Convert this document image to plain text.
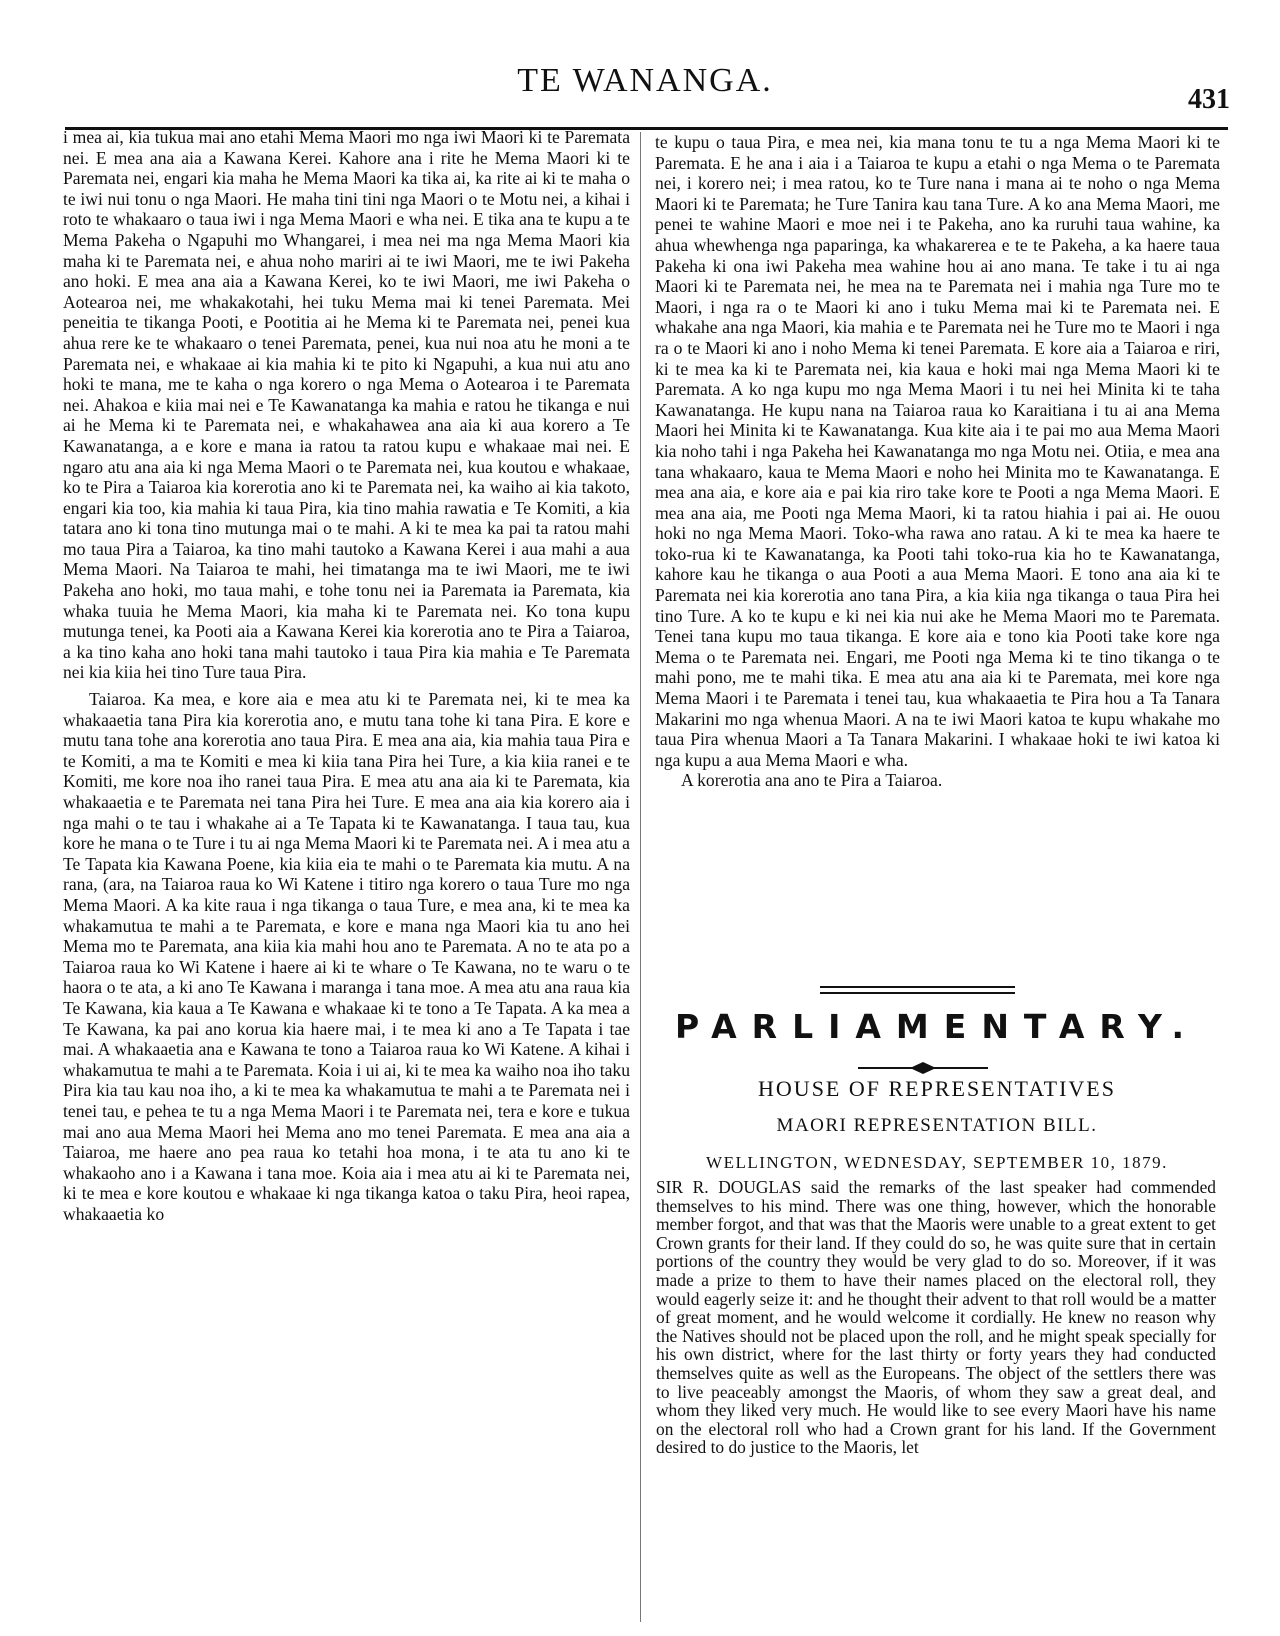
TE WANANGA.
431

i mea ai, kia tukua mai ano etahi Mema Maori mo nga iwi Maori ki te Paremata nei. E mea ana aia a Kawana Kerei. Kahore ana i rite he Mema Maori ki te Paremata nei, engari kia maha he Mema Maori ka tika ai, ka rite ai ki te maha o te iwi nui tonu o nga Maori. He maha tini tini nga Maori o te Motu nei, a kihai i roto te whakaaro o taua iwi i nga Mema Maori e wha nei. E tika ana te kupu a te Mema Pakeha o Ngapuhi mo Whangarei, i mea nei ma nga Mema Maori kia maha ki te Paremata nei, e ahua noho mariri ai te iwi Maori, me te iwi Pakeha ano hoki. E mea ana aia a Kawana Kerei, ko te iwi Maori, me iwi Pakeha o Aotearoa nei, me whakakotahi, hei tuku Mema mai ki tenei Paremata. Mei peneitia te tikanga Pooti, e Pootitia ai he Mema ki te Paremata nei, penei kua ahua rere ke te whakaaro o tenei Paremata, penei, kua nui noa atu he moni a te Paremata nei, e whakaae ai kia mahia ki te pito ki Ngapuhi, a kua nui atu ano hoki te mana, me te kaha o nga korero o nga Mema o Aotearoa i te Paremata nei. Ahakoa e kiia mai nei e Te Kawanatanga ka mahia e ratou he tikanga e nui ai he Mema ki te Paremata nei, e whakahawea ana aia ki aua korero a Te Kawanatanga, a e kore e mana ia ratou ta ratou kupu e whakaae mai nei. E ngaro atu ana aia ki nga Mema Maori o te Paremata nei, kua koutou e whakaae, ko te Pira a Taiaroa kia korerotia ano ki te Paremata nei, ka waiho ai kia takoto, engari kia too, kia mahia ki taua Pira, kia tino mahia rawatia e Te Komiti, a kia tatara ano ki tona tino mutunga mai o te mahi. A ki te mea ka pai ta ratou mahi mo taua Pira a Taiaroa, ka tino mahi tautoko a Kawana Kerei i aua mahi a aua Mema Maori. Na Taiaroa te mahi, hei timatanga ma te iwi Maori, me te iwi Pakeha ano hoki, mo taua mahi, e tohe tonu nei ia Paremata ia Paremata, kia whaka tuuia he Mema Maori, kia maha ki te Paremata nei. Ko tona kupu mutunga tenei, ka Pooti aia a Kawana Kerei kia korerotia ano te Pira a Taiaroa, a ka tino kaha ano hoki tana mahi tautoko i taua Pira kia mahia e Te Paremata nei kia kiia hei tino Ture taua Pira.

Taiaroa. Ka mea, e kore aia e mea atu ki te Paremata nei, ki te mea ka whakaaetia tana Pira kia korerotia ano, e mutu tana tohe ki tana Pira. E kore e mutu tana tohe ana korerotia ano taua Pira. E mea ana aia, kia mahia taua Pira e te Komiti, a ma te Komiti e mea ki kiia tana Pira hei Ture, a kia kiia ranei e te Komiti, me kore noa iho ranei taua Pira. E mea atu ana aia ki te Paremata, kia whakaaetia e te Paremata nei tana Pira hei Ture. E mea ana aia kia korero aia i nga mahi o te tau i whakahe ai a Te Tapata ki te Kawanatanga. I taua tau, kua kore he mana o te Ture i tu ai nga Mema Maori ki te Paremata nei. A i mea atu a Te Tapata kia Kawana Poene, kia kiia eia te mahi o te Paremata kia mutu. A na rana, (ara, na Taiaroa raua ko Wi Katene i titiro nga korero o taua Ture mo nga Mema Maori. A ka kite raua i nga tikanga o taua Ture, e mea ana, ki te mea ka whakamutua te mahi a te Paremata, e kore e mana nga Maori kia tu ano hei Mema mo te Paremata, ana kiia kia mahi hou ano te Paremata. A no te ata po a Taiaroa raua ko Wi Katene i haere ai ki te whare o Te Kawana, no te waru o te haora o te ata, a ki ano Te Kawana i maranga i tana moe. A mea atu ana raua kia Te Kawana, kia kaua a Te Kawana e whakaae ki te tono a Te Tapata. A ka mea a Te Kawana, ka pai ano korua kia haere mai, i te mea ki ano a Te Tapata i tae mai. A whakaaetia ana e Kawana te tono a Taiaroa raua ko Wi Katene. A kihai i whakamutua te mahi a te Paremata. Koia i ui ai, ki te mea ka waiho noa iho taku Pira kia tau kau noa iho, a ki te mea ka whakamutua te mahi a te Paremata nei i tenei tau, e pehea te tu a nga Mema Maori i te Paremata nei, tera e kore e tukua mai ano aua Mema Maori hei Mema ano mo tenei Paremata. E mea ana aia a Taiaroa, me haere ano pea raua ko tetahi hoa mona, i te ata tu ano ki te whakaoho ano i a Kawana i tana moe. Koia aia i mea atu ai ki te Paremata nei, ki te mea e kore koutou e whakaae ki nga tikanga katoa o taku Pira, heoi rapea, whakaaetia ko

te kupu o taua Pira, e mea nei, kia mana tonu te tu a nga Mema Maori ki te Paremata. E he ana i aia i a Taiaroa te kupu a etahi o nga Mema o te Paremata nei, i korero nei; i mea ratou, ko te Ture nana i mana ai te noho o nga Mema Maori ki te Paremata; he Ture Tanira kau tana Ture. A ko ana Mema Maori, me penei te wahine Maori e moe nei i te Pakeha, ano ka ruruhi taua wahine, ka ahua whewhenga nga paparinga, ka whakarerea e te te Pakeha, a ka haere taua Pakeha ki ona iwi Pakeha mea wahine hou ai ano mana. Te take i tu ai nga Maori ki te Paremata nei, he mea na te Paremata nei i mahia nga Ture mo te Maori, i nga ra o te Maori ki ano i tuku Mema mai ki te Paremata nei. E whakahe ana nga Maori, kia mahia e te Paremata nei he Ture mo te Maori i nga ra o te Maori ki ano i noho Mema ki tenei Paremata. E kore aia a Taiaroa e riri, ki te mea ka ki te Paremata nei, kia kaua e hoki mai nga Mema Maori ki te Paremata. A ko nga kupu mo nga Mema Maori i tu nei hei Minita ki te taha Kawanatanga. He kupu nana na Taiaroa raua ko Karaitiana i tu ai ana Mema Maori hei Minita ki te Kawanatanga. Kua kite aia i te pai mo aua Mema Maori kia noho tahi i nga Pakeha hei Kawanatanga mo nga Motu nei. Otiia, e mea ana tana whakaaro, kaua te Mema Maori e noho hei Minita mo te Kawanatanga. E mea ana aia, e kore aia e pai kia riro take kore te Pooti a nga Mema Maori. E mea ana aia, me Pooti nga Mema Maori, ki ta ratou hiahia i pai ai. He ouou hoki no nga Mema Maori. Toko-wha rawa ano ratau. A ki te mea ka haere te toko-rua ki te Kawanatanga, ka Pooti tahi toko-rua kia ho te Kawanatanga, kahore kau he tikanga o aua Pooti a aua Mema Maori. E tono ana aia ki te Paremata nei kia korerotia ano tana Pira, a kia kiia nga tikanga o taua Pira hei tino Ture. A ko te kupu e ki nei kia nui ake he Mema Maori mo te Paremata. Tenei tana kupu mo taua tikanga. E kore aia e tono kia Pooti take kore nga Mema o te Paremata nei. Engari, me Pooti nga Mema ki te tino tikanga o te mahi pono, me te mahi tika. E mea atu ana aia ki te Paremata, mei kore nga Mema Maori i te Paremata i tenei tau, kua whakaaetia te Pira hou a Ta Tanara Makarini mo nga whenua Maori. A na te iwi Maori katoa te kupu whakahe mo taua Pira whenua Maori a Ta Tanara Makarini. I whakaae hoki te iwi katoa ki nga kupu a aua Mema Maori e wha.

A korerotia ana ano te Pira a Taiaroa.

PARLIAMENTARY.
HOUSE OF REPRESENTATIVES
MAORI REPRESENTATION BILL.
WELLINGTON, WEDNESDAY, SEPTEMBER 10, 1879.

SIR R. DOUGLAS said the remarks of the last speaker had commended themselves to his mind. There was one thing, however, which the honorable member forgot, and that was that the Maoris were unable to a great extent to get Crown grants for their land. If they could do so, he was quite sure that in certain portions of the country they would be very glad to do so. Moreover, if it was made a prize to them to have their names placed on the electoral roll, they would eagerly seize it: and he thought their advent to that roll would be a matter of great moment, and he would welcome it cordially. He knew no reason why the Natives should not be placed upon the roll, and he might speak specially for his own district, where for the last thirty or forty years they had conducted themselves quite as well as the Europeans. The object of the settlers there was to live peaceably amongst the Maoris, of whom they saw a great deal, and whom they liked very much. He would like to see every Maori have his name on the electoral roll who had a Crown grant for his land. If the Government desired to do justice to the Maoris, let
